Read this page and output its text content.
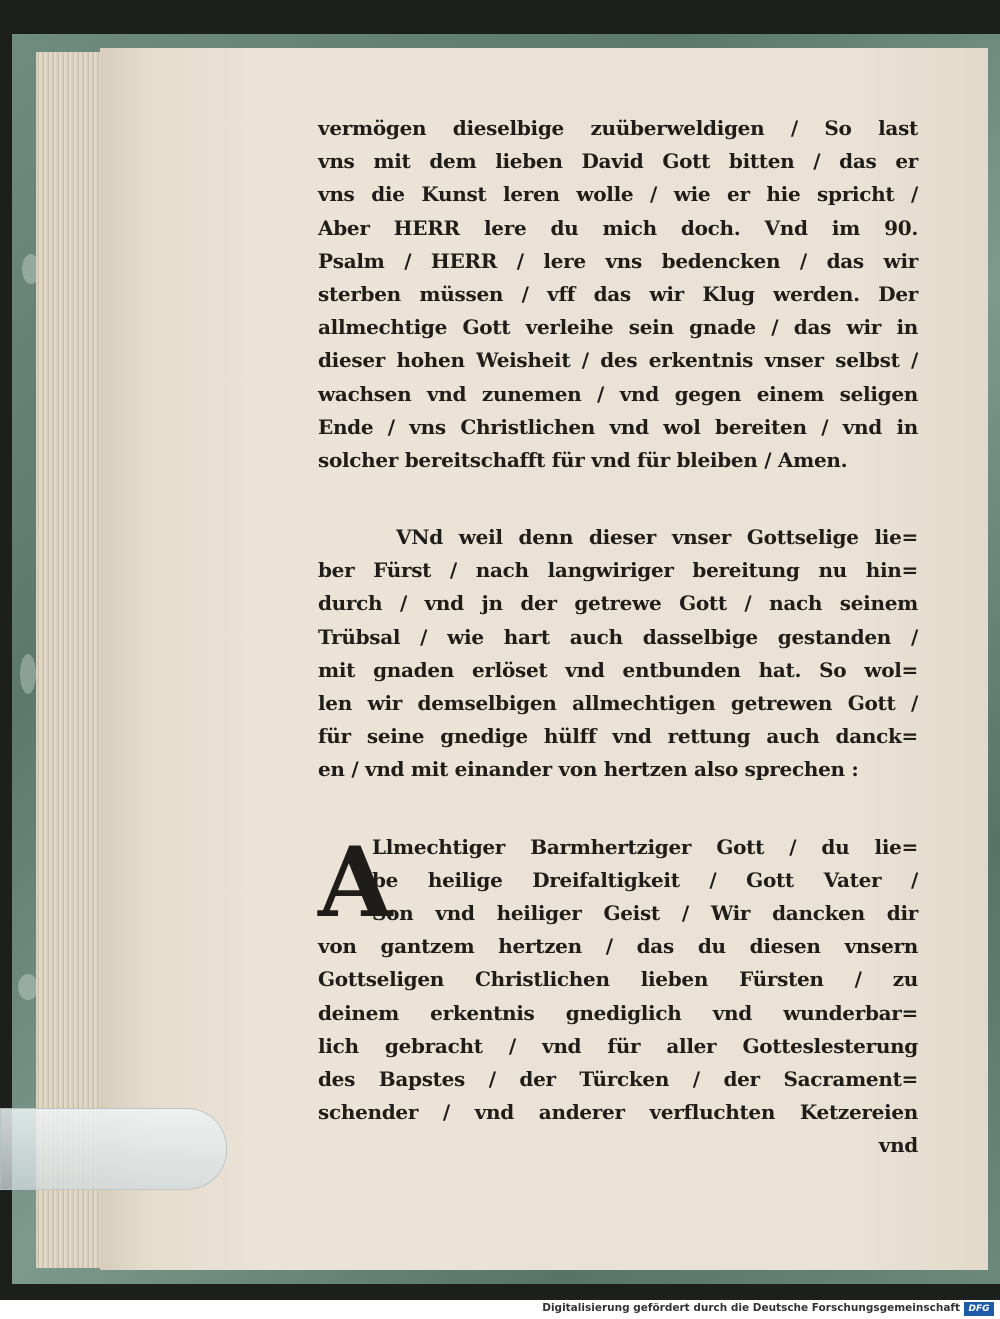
vermögen dieselbige zuüberweldigen / So last
vns mit dem lieben David Gott bitten / das er
vns die Kunst leren wolle / wie er hie spricht /
Aber HERR lere du mich doch. Vnd im 90.
Psalm / HERR / lere vns bedencken / das wir
sterben müssen / vff das wir Klug werden. Der
allmechtige Gott verleihe sein gnade / das wir in
dieser hohen Weisheit / des erkentnis vnser selbst /
wachsen vnd zunemen / vnd gegen einem seligen
Ende / vns Christlichen vnd wol bereiten / vnd in
solcher bereitschafft für vnd für bleiben / Amen.
VNd weil denn dieser vnser Gottselige lie=
ber Fürst / nach langwiriger bereitung nu hin=
durch / vnd jn der getrewe Gott / nach seinem
Trübsal / wie hart auch dasselbige gestanden /
mit gnaden erlöset vnd entbunden hat. So wol=
len wir demselbigen allmechtigen getrewen Gott /
für seine gnedige hülff vnd rettung auch danck=
en / vnd mit einander von hertzen also sprechen :
A
Llmechtiger Barmhertziger Gott / du lie=
be heilige Dreifaltigkeit / Gott Vater /
Son vnd heiliger Geist / Wir dancken dir
von gantzem hertzen / das du diesen vnsern
Gottseligen Christlichen lieben Fürsten / zu
deinem erkentnis gnediglich vnd wunderbar=
lich gebracht / vnd für aller Gotteslesterung
des Bapstes / der Türcken / der Sacrament=
schender / vnd anderer verfluchten Ketzereien
vnd
Digitalisierung gefördert durch die Deutsche Forschungsgemeinschaft DFG
